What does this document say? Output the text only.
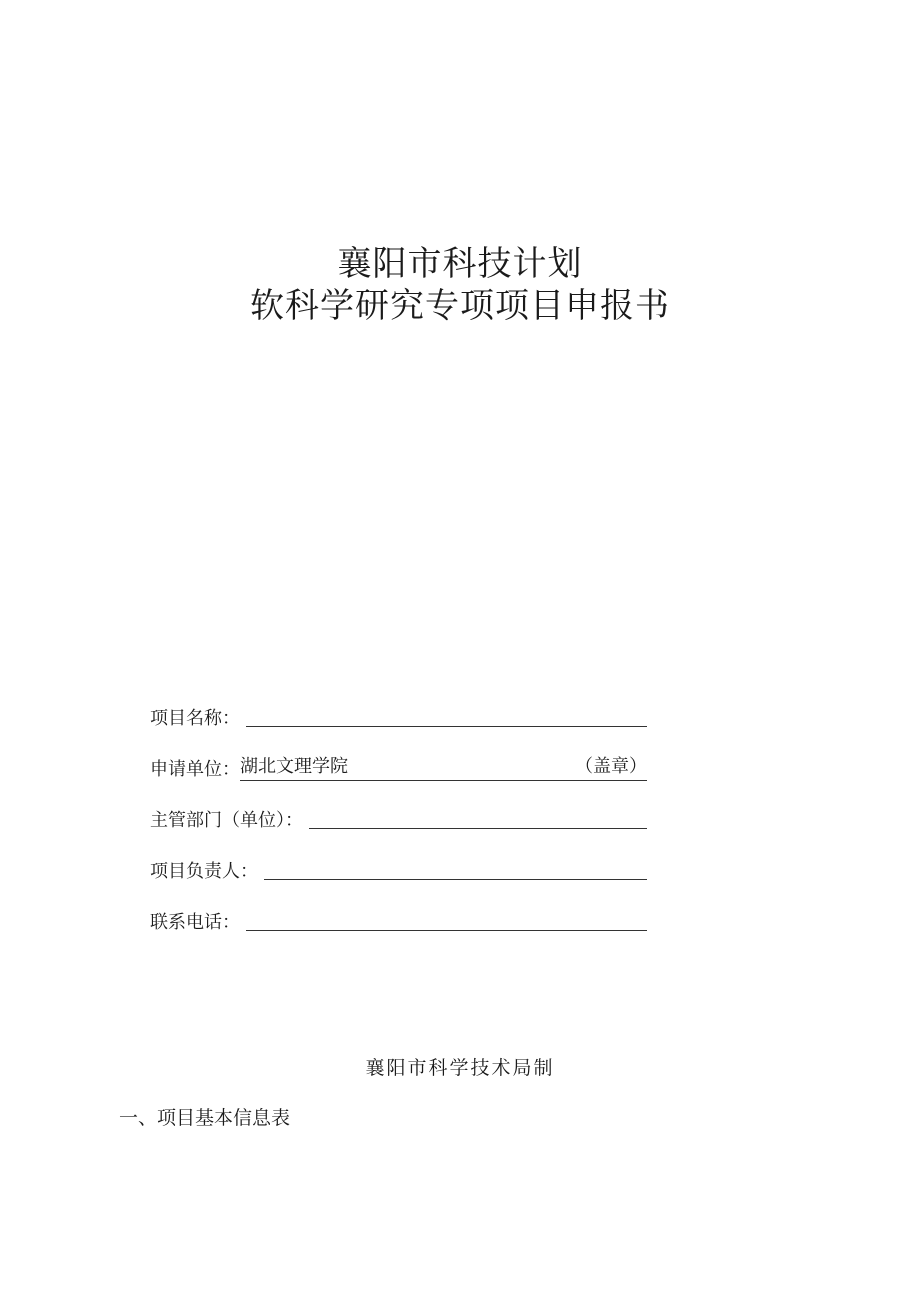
襄阳市科技计划
软科学研究专项项目申报书
项目名称：
申请单位： 湖北文理学院	（盖章）
主管部门（单位）：
项目负责人：
联系电话：
襄阳市科学技术局制
一、项目基本信息表
